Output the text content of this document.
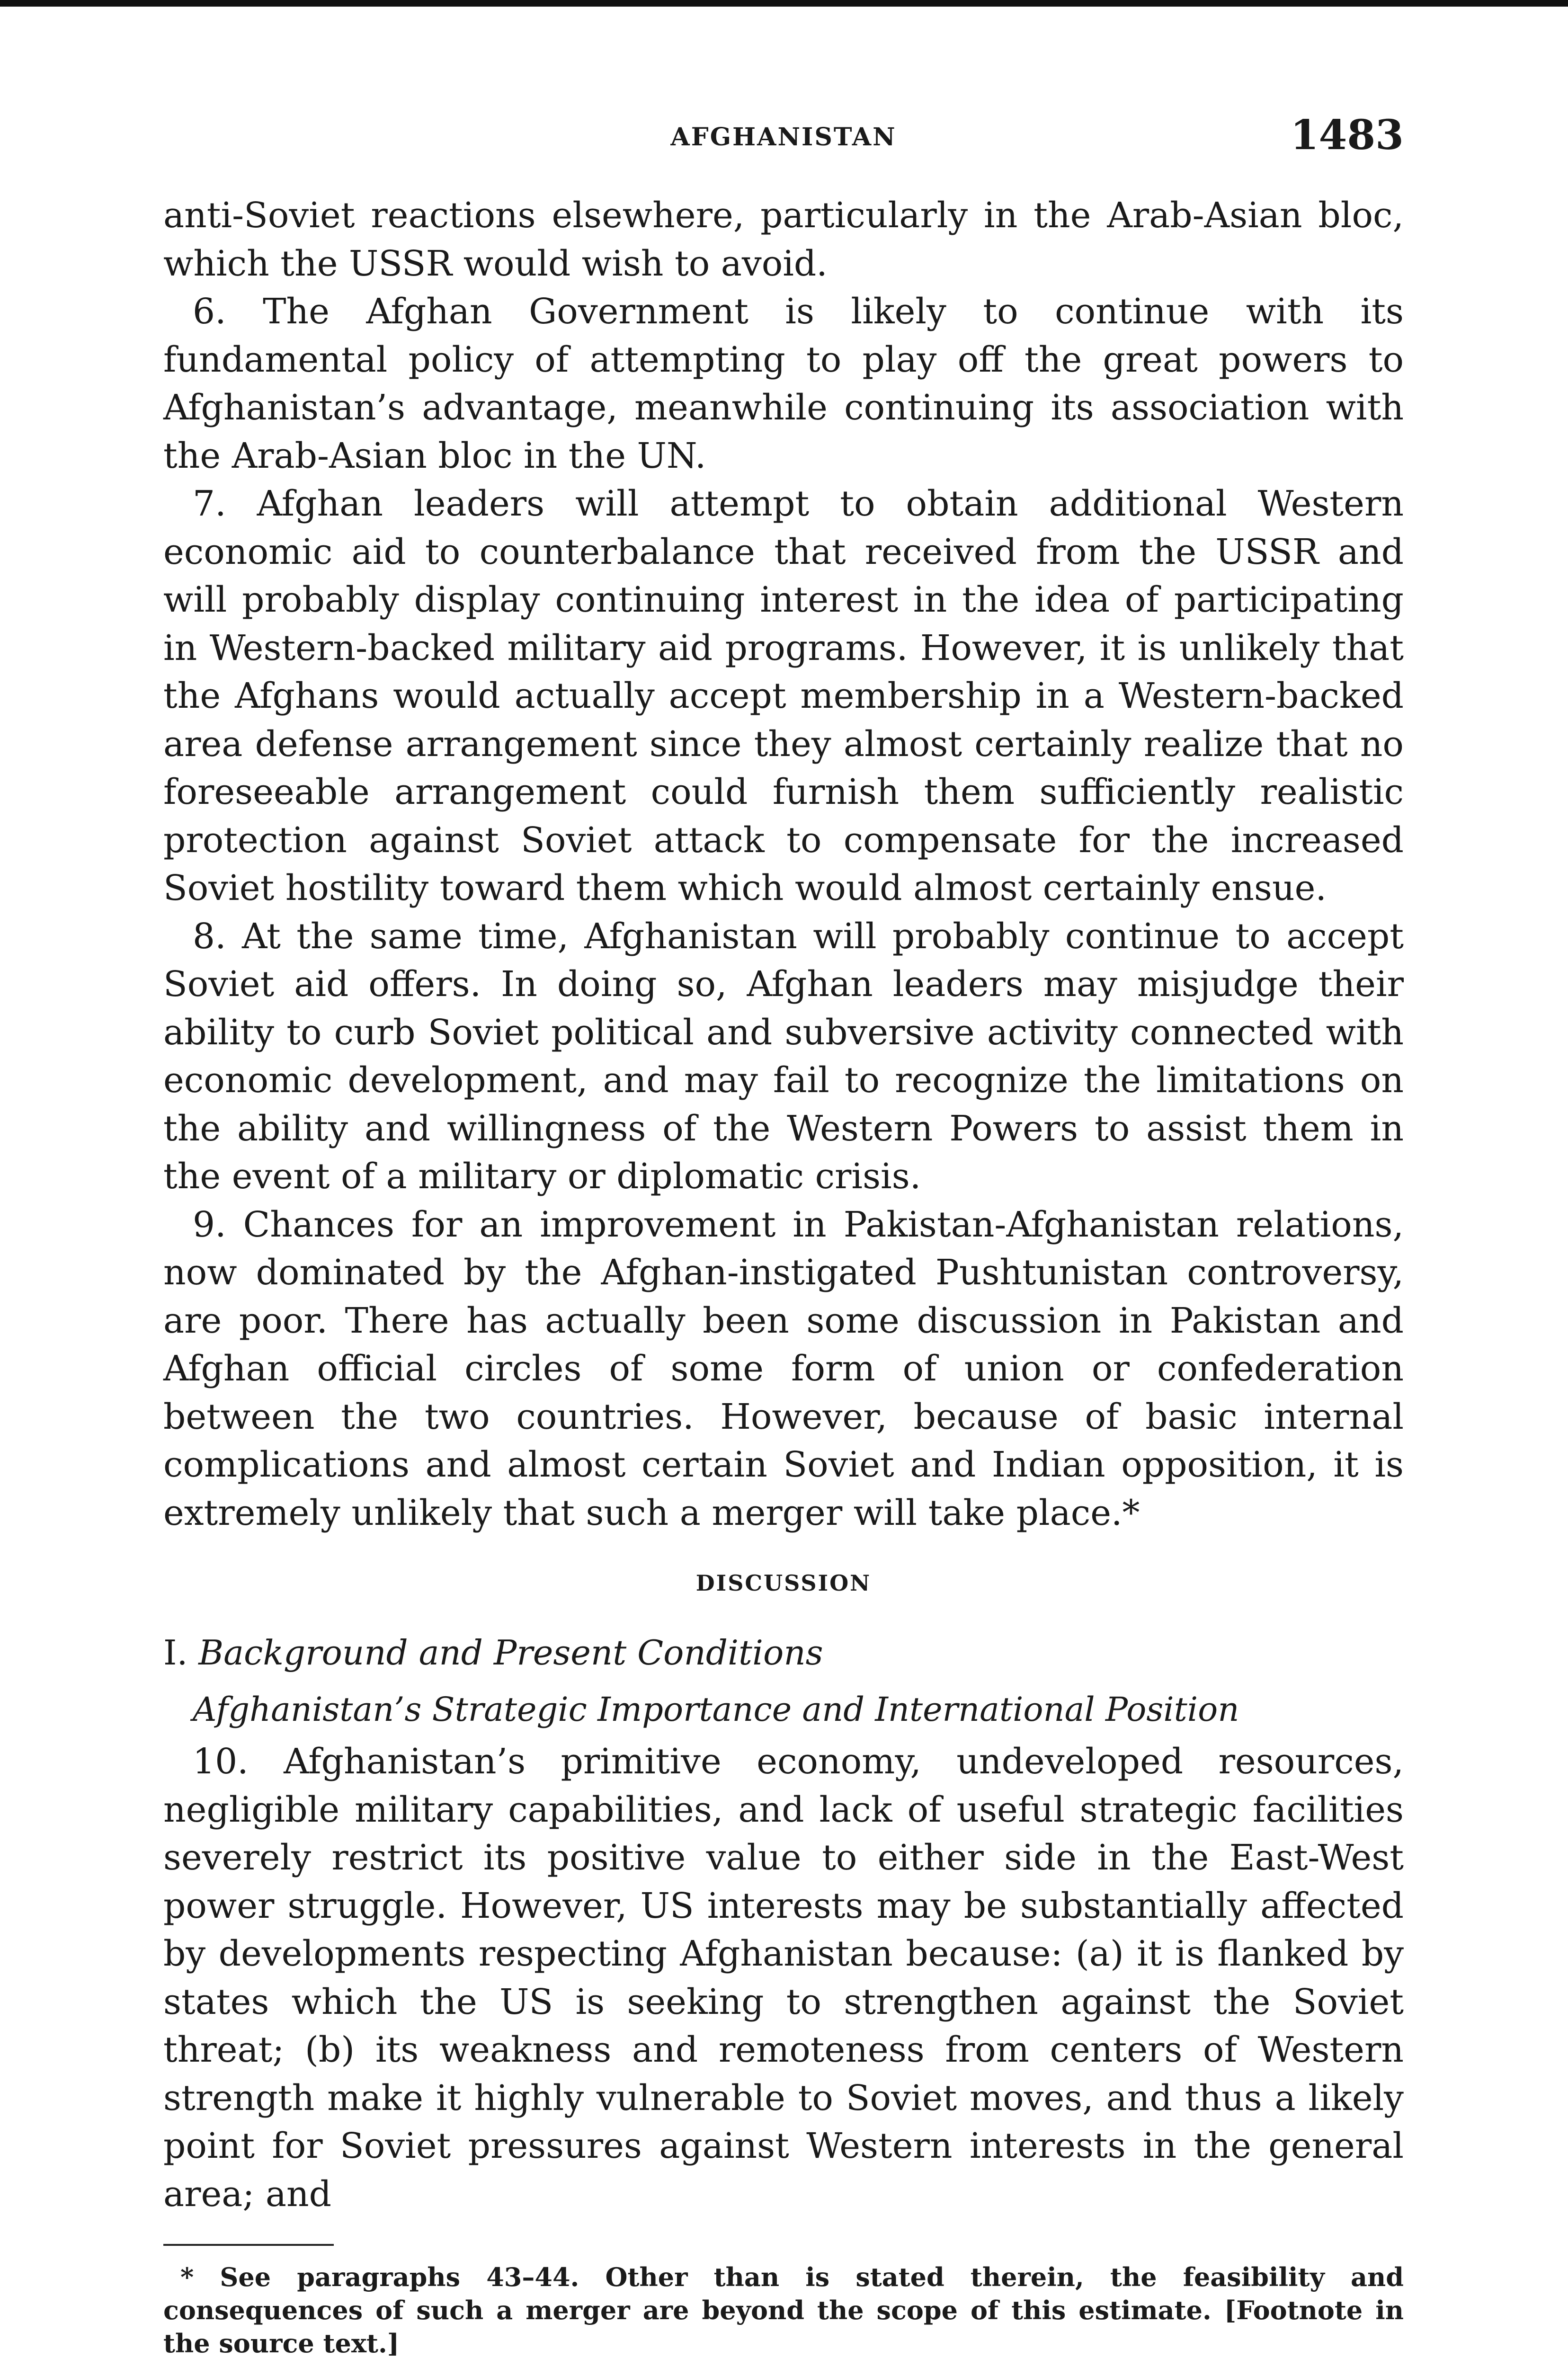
AFGHANISTAN	1483

anti-Soviet reactions elsewhere, particularly in the Arab-Asian bloc, which the USSR would wish to avoid.

6. The Afghan Government is likely to continue with its fundamental policy of attempting to play off the great powers to Afghanistan’s advantage, meanwhile continuing its association with the Arab-Asian bloc in the UN.

7. Afghan leaders will attempt to obtain additional Western economic aid to counterbalance that received from the USSR and will probably display continuing interest in the idea of participating in Western-backed military aid programs. However, it is unlikely that the Afghans would actually accept membership in a Western-backed area defense arrangement since they almost certainly realize that no foreseeable arrangement could furnish them sufficiently realistic protection against Soviet attack to compensate for the increased Soviet hostility toward them which would almost certainly ensue.

8. At the same time, Afghanistan will probably continue to accept Soviet aid offers. In doing so, Afghan leaders may misjudge their ability to curb Soviet political and subversive activity connected with economic development, and may fail to recognize the limitations on the ability and willingness of the Western Powers to assist them in the event of a military or diplomatic crisis.

9. Chances for an improvement in Pakistan-Afghanistan relations, now dominated by the Afghan-instigated Pushtunistan controversy, are poor. There has actually been some discussion in Pakistan and Afghan official circles of some form of union or confederation between the two countries. However, because of basic internal complications and almost certain Soviet and Indian opposition, it is extremely unlikely that such a merger will take place.*

DISCUSSION
I. Background and Present Conditions
Afghanistan’s Strategic Importance and International Position

10. Afghanistan’s primitive economy, undeveloped resources, negligible military capabilities, and lack of useful strategic facilities severely restrict its positive value to either side in the East-West power struggle. However, US interests may be substantially affected by developments respecting Afghanistan because: (a) it is flanked by states which the US is seeking to strengthen against the Soviet threat; (b) its weakness and remoteness from centers of Western strength make it highly vulnerable to Soviet moves, and thus a likely point for Soviet pressures against Western interests in the general area; and

* See paragraphs 43–44. Other than is stated therein, the feasibility and consequences of such a merger are beyond the scope of this estimate. [Footnote in the source text.]
